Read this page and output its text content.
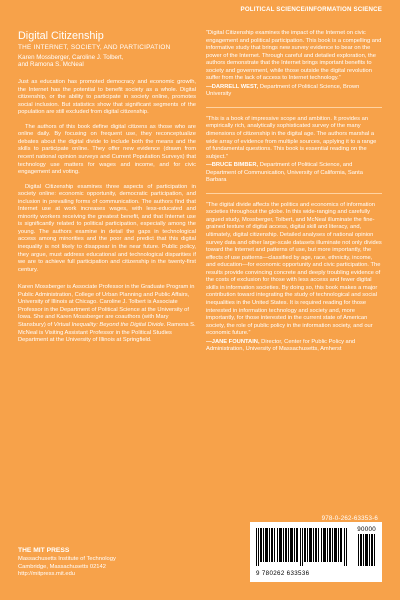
POLITICAL SCIENCE/INFORMATION SCIENCE
Digital Citizenship
THE INTERNET, SOCIETY, AND PARTICIPATION
Karen Mossberger, Caroline J. Tolbert,
and Ramona S. McNeal

Just as education has promoted democracy and economic growth, the Internet has the potential to benefit society as a whole. Digital citizenship, or the ability to participate in society online, promotes social inclusion. But statistics show that significant segments of the population are still excluded from digital citizenship.

The authors of this book define digital citizens as those who are online daily. By focusing on frequent use, they reconceptualize debates about the digital divide to include both the means and the skills to participate online. They offer new evidence (drawn from recent national opinion surveys and Current Population Surveys) that technology use matters for wages and income, and for civic engagement and voting.

Digital Citizenship examines three aspects of participation in society online: economic opportunity, democratic participation, and inclusion in prevailing forms of communication. The authors find that Internet use at work increases wages, with less-educated and minority workers receiving the greatest benefit, and that Internet use is significantly related to political participation, especially among the young. The authors examine in detail the gaps in technological access among minorities and the poor and predict that this digital inequality is not likely to disappear in the near future. Public policy, they argue, must address educational and technological disparities if we are to achieve full participation and citizenship in the twenty-first century.

Karen Mossberger is Associate Professor in the Graduate Program in Public Administration, College of Urban Planning and Public Affairs, University of Illinois at Chicago. Caroline J. Tolbert is Associate Professor in the Department of Political Science at the University of Iowa. She and Karen Mossberger are coauthors (with Mary Stansbury) of Virtual Inequality: Beyond the Digital Divide. Ramona S. McNeal is Visiting Assistant Professor in the Political Studies Department at the University of Illinois at Springfield.
“Digital Citizenship examines the impact of the Internet on civic engagement and political participation. This book is a compelling and informative study that brings new survey evidence to bear on the power of the Internet. Through careful and detailed exploration, the authors demonstrate that the Internet brings important benefits to society and government, while those outside the digital revolution suffer from the lack of access to Internet technology.”
—DARRELL WEST, Department of Political Science, Brown University
“This is a book of impressive scope and ambition. It provides an empirically rich, analytically sophisticated survey of the many dimensions of citizenship in the digital age. The authors marshal a wide array of evidence from multiple sources, applying it to a range of fundamental questions. This book is essential reading on the subject.”
—BRUCE BIMBER, Department of Political Science, and Department of Communication, University of California, Santa Barbara
“The digital divide affects the politics and economics of information societies throughout the globe. In this wide-ranging and carefully argued study, Mossberger, Tolbert, and McNeal illuminate the fine-grained texture of digital access, digital skill and literacy, and, ultimately, digital citizenship. Detailed analyses of national opinion survey data and other large-scale datasets illuminate not only divides toward the Internet and patterns of use, but more importantly, the effects of use patterns—classified by age, race, ethnicity, income, and education—for economic opportunity and civic participation. The results provide convincing concrete and deeply troubling evidence of the costs of exclusion for those with less access and fewer digital skills in information societies. By doing so, this book makes a major contribution toward integrating the study of technological and social inequalities in the United States. It is required reading for those interested in information technology and society and, more importantly, for those interested in the current state of American society, the role of public policy in the information society, and our economic future.”
—JANE FOUNTAIN, Director, Center for Public Policy and Administration, University of Massachusetts, Amherst
THE MIT PRESS
Massachusetts Institute of Technology
Cambridge, Massachusetts 02142
http://mitpress.mit.edu
978-0-262-63353-6
9 780262 633536
90000
